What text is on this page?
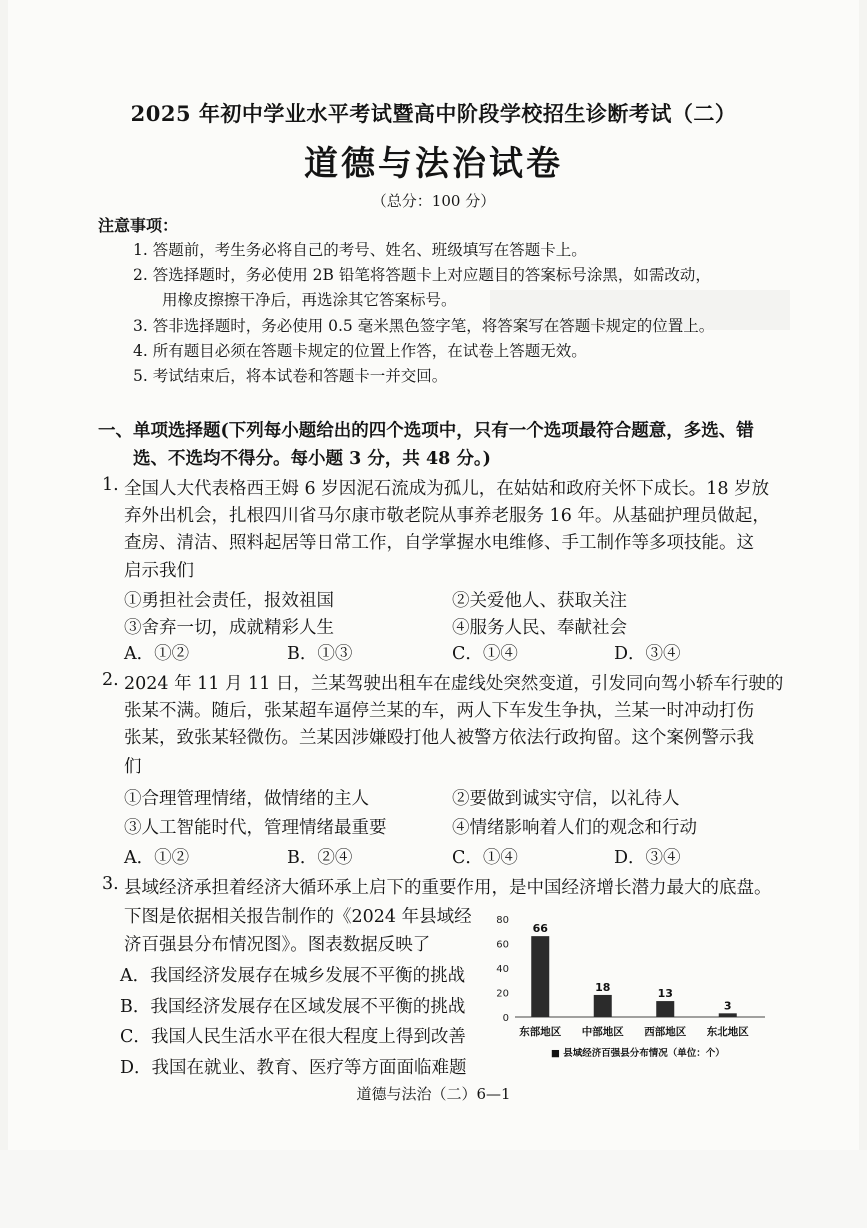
2025 年初中学业水平考试暨高中阶段学校招生诊断考试（二）
道德与法治试卷
（总分：100 分）
注意事项：
1. 答题前，考生务必将自己的考号、姓名、班级填写在答题卡上。
2. 答选择题时，务必使用 2B 铅笔将答题卡上对应题目的答案标号涂黑，如需改动，
用橡皮擦擦干净后，再选涂其它答案标号。
3. 答非选择题时，务必使用 0.5 毫米黑色签字笔，将答案写在答题卡规定的位置上。
4. 所有题目必须在答题卡规定的位置上作答，在试卷上答题无效。
5. 考试结束后，将本试卷和答题卡一并交回。
一、单项选择题(下列每小题给出的四个选项中，只有一个选项最符合题意，多选、错
选、不选均不得分。每小题 3 分，共 48 分。)
1. 全国人大代表格西王姆 6 岁因泥石流成为孤儿，在姑姑和政府关怀下成长。18 岁放
弃外出机会，扎根四川省马尔康市敬老院从事养老服务 16 年。从基础护理员做起，
查房、清洁、照料起居等日常工作，自学掌握水电维修、手工制作等多项技能。这
启示我们
①勇担社会责任，报效祖国	②关爱他人、获取关注
③舍弃一切，成就精彩人生	④服务人民、奉献社会
A．①②	B．①③	C．①④	D．③④
2. 2024 年 11 月 11 日，兰某驾驶出租车在虚线处突然变道，引发同向驾小轿车行驶的
张某不满。随后，张某超车逼停兰某的车，两人下车发生争执，兰某一时冲动打伤
张某，致张某轻微伤。兰某因涉嫌殴打他人被警方依法行政拘留。这个案例警示我
们
①合理管理情绪，做情绪的主人	②要做到诚实守信，以礼待人
③人工智能时代，管理情绪最重要	④情绪影响着人们的观念和行动
A．①②	B．②④	C．①④	D．③④
3. 县域经济承担着经济大循环承上启下的重要作用，是中国经济增长潜力最大的底盘。
下图是依据相关报告制作的《2024 年县域经
济百强县分布情况图》。图表数据反映了
A．我国经济发展存在城乡发展不平衡的挑战
B．我国经济发展存在区域发展不平衡的挑战
C．我国人民生活水平在很大程度上得到改善
D．我国在就业、教育、医疗等方面面临难题
0
20
40
60
80
66
东部地区
18
中部地区
13
西部地区
3
东北地区
■ 县域经济百强县分布情况（单位：个）
道德与法治（二）6—1
